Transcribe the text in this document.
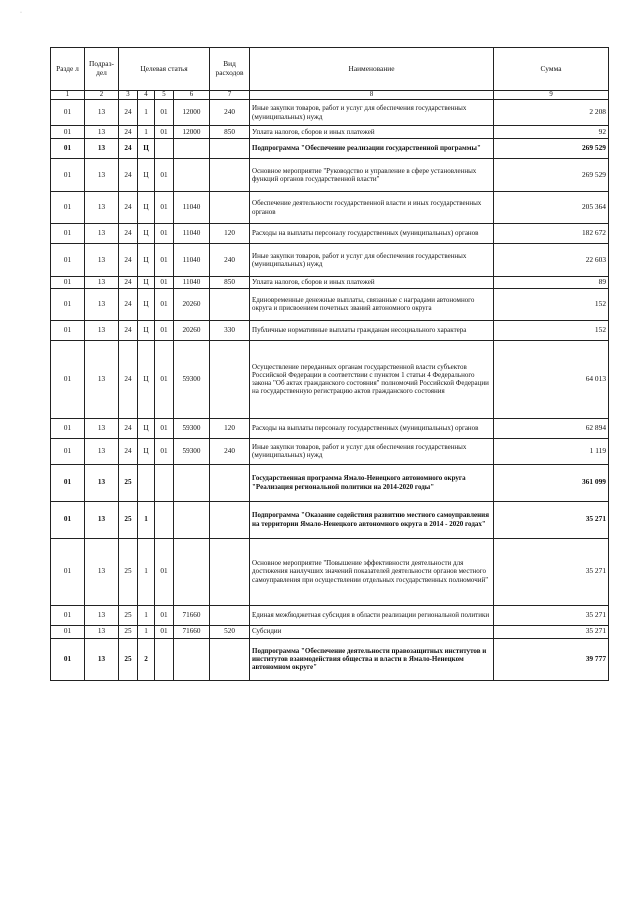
·
Разде л	Подраз-дел	Целевая статья				Вид расходов	Наименование	Сумма
1	2	3	4	5	6	7	8	9
01	13	24	1	01	12000	240	Иные закупки товаров, работ и услуг для обеспечения государственных (муниципальных) нужд	2 208
01	13	24	1	01	12000	850	Уплата налогов, сборов и иных платежей	92
01	13	24	Ц				Подпрограмма "Обеспечение реализации государственной программы"	269 529
01	13	24	Ц	01			Основное мероприятие "Руководство и управление в сфере установленных функций органов государственной власти"	269 529
01	13	24	Ц	01	11040		Обеспечение деятельности государственной власти и иных государственных органов	205 364
01	13	24	Ц	01	11040	120	Расходы на выплаты персоналу государственных (муниципальных) органов	182 672
01	13	24	Ц	01	11040	240	Иные закупки товаров, работ и услуг для обеспечения государственных (муниципальных) нужд	22 603
01	13	24	Ц	01	11040	850	Уплата налогов, сборов и иных платежей	89
01	13	24	Ц	01	20260		Единовременные денежные выплаты, связанные с наградами автономного округа и присвоением почетных званий автономного округа	152
01	13	24	Ц	01	20260	330	Публичные нормативные выплаты гражданам несоциального характера	152
01	13	24	Ц	01	59300		Осуществление переданных органам государственной власти субъектов Российской Федерации в соответствии с пунктом 1 статьи 4 Федерального закона "Об актах гражданского состояния" полномочий Российской Федерации на государственную регистрацию актов гражданского состояния	64 013
01	13	24	Ц	01	59300	120	Расходы на выплаты персоналу государственных (муниципальных) органов	62 894
01	13	24	Ц	01	59300	240	Иные закупки товаров, работ и услуг для обеспечения государственных (муниципальных) нужд	1 119
01	13	25					Государственная программа Ямало-Ненецкого автономного округа "Реализация региональной политики на 2014-2020 годы"	361 099
01	13	25	1				Подпрограмма "Оказание содействия развитию местного самоуправления на территории Ямало-Ненецкого автономного округа в 2014 - 2020 годах"	35 271
01	13	25	1	01			Основное мероприятие "Повышение эффективности деятельности для достижения наилучших значений показателей деятельности органов местного самоуправления при осуществлении отдельных государственных полномочий"	35 271
01	13	25	1	01	71660		Единая межбюджетная субсидия в области реализации региональной политики	35 271
01	13	25	1	01	71660	520	Субсидии	35 271
01	13	25	2				Подпрограмма "Обеспечение деятельности правозащитных институтов и институтов взаимодействия общества и власти в Ямало-Ненецком автономном округе"	39 777
